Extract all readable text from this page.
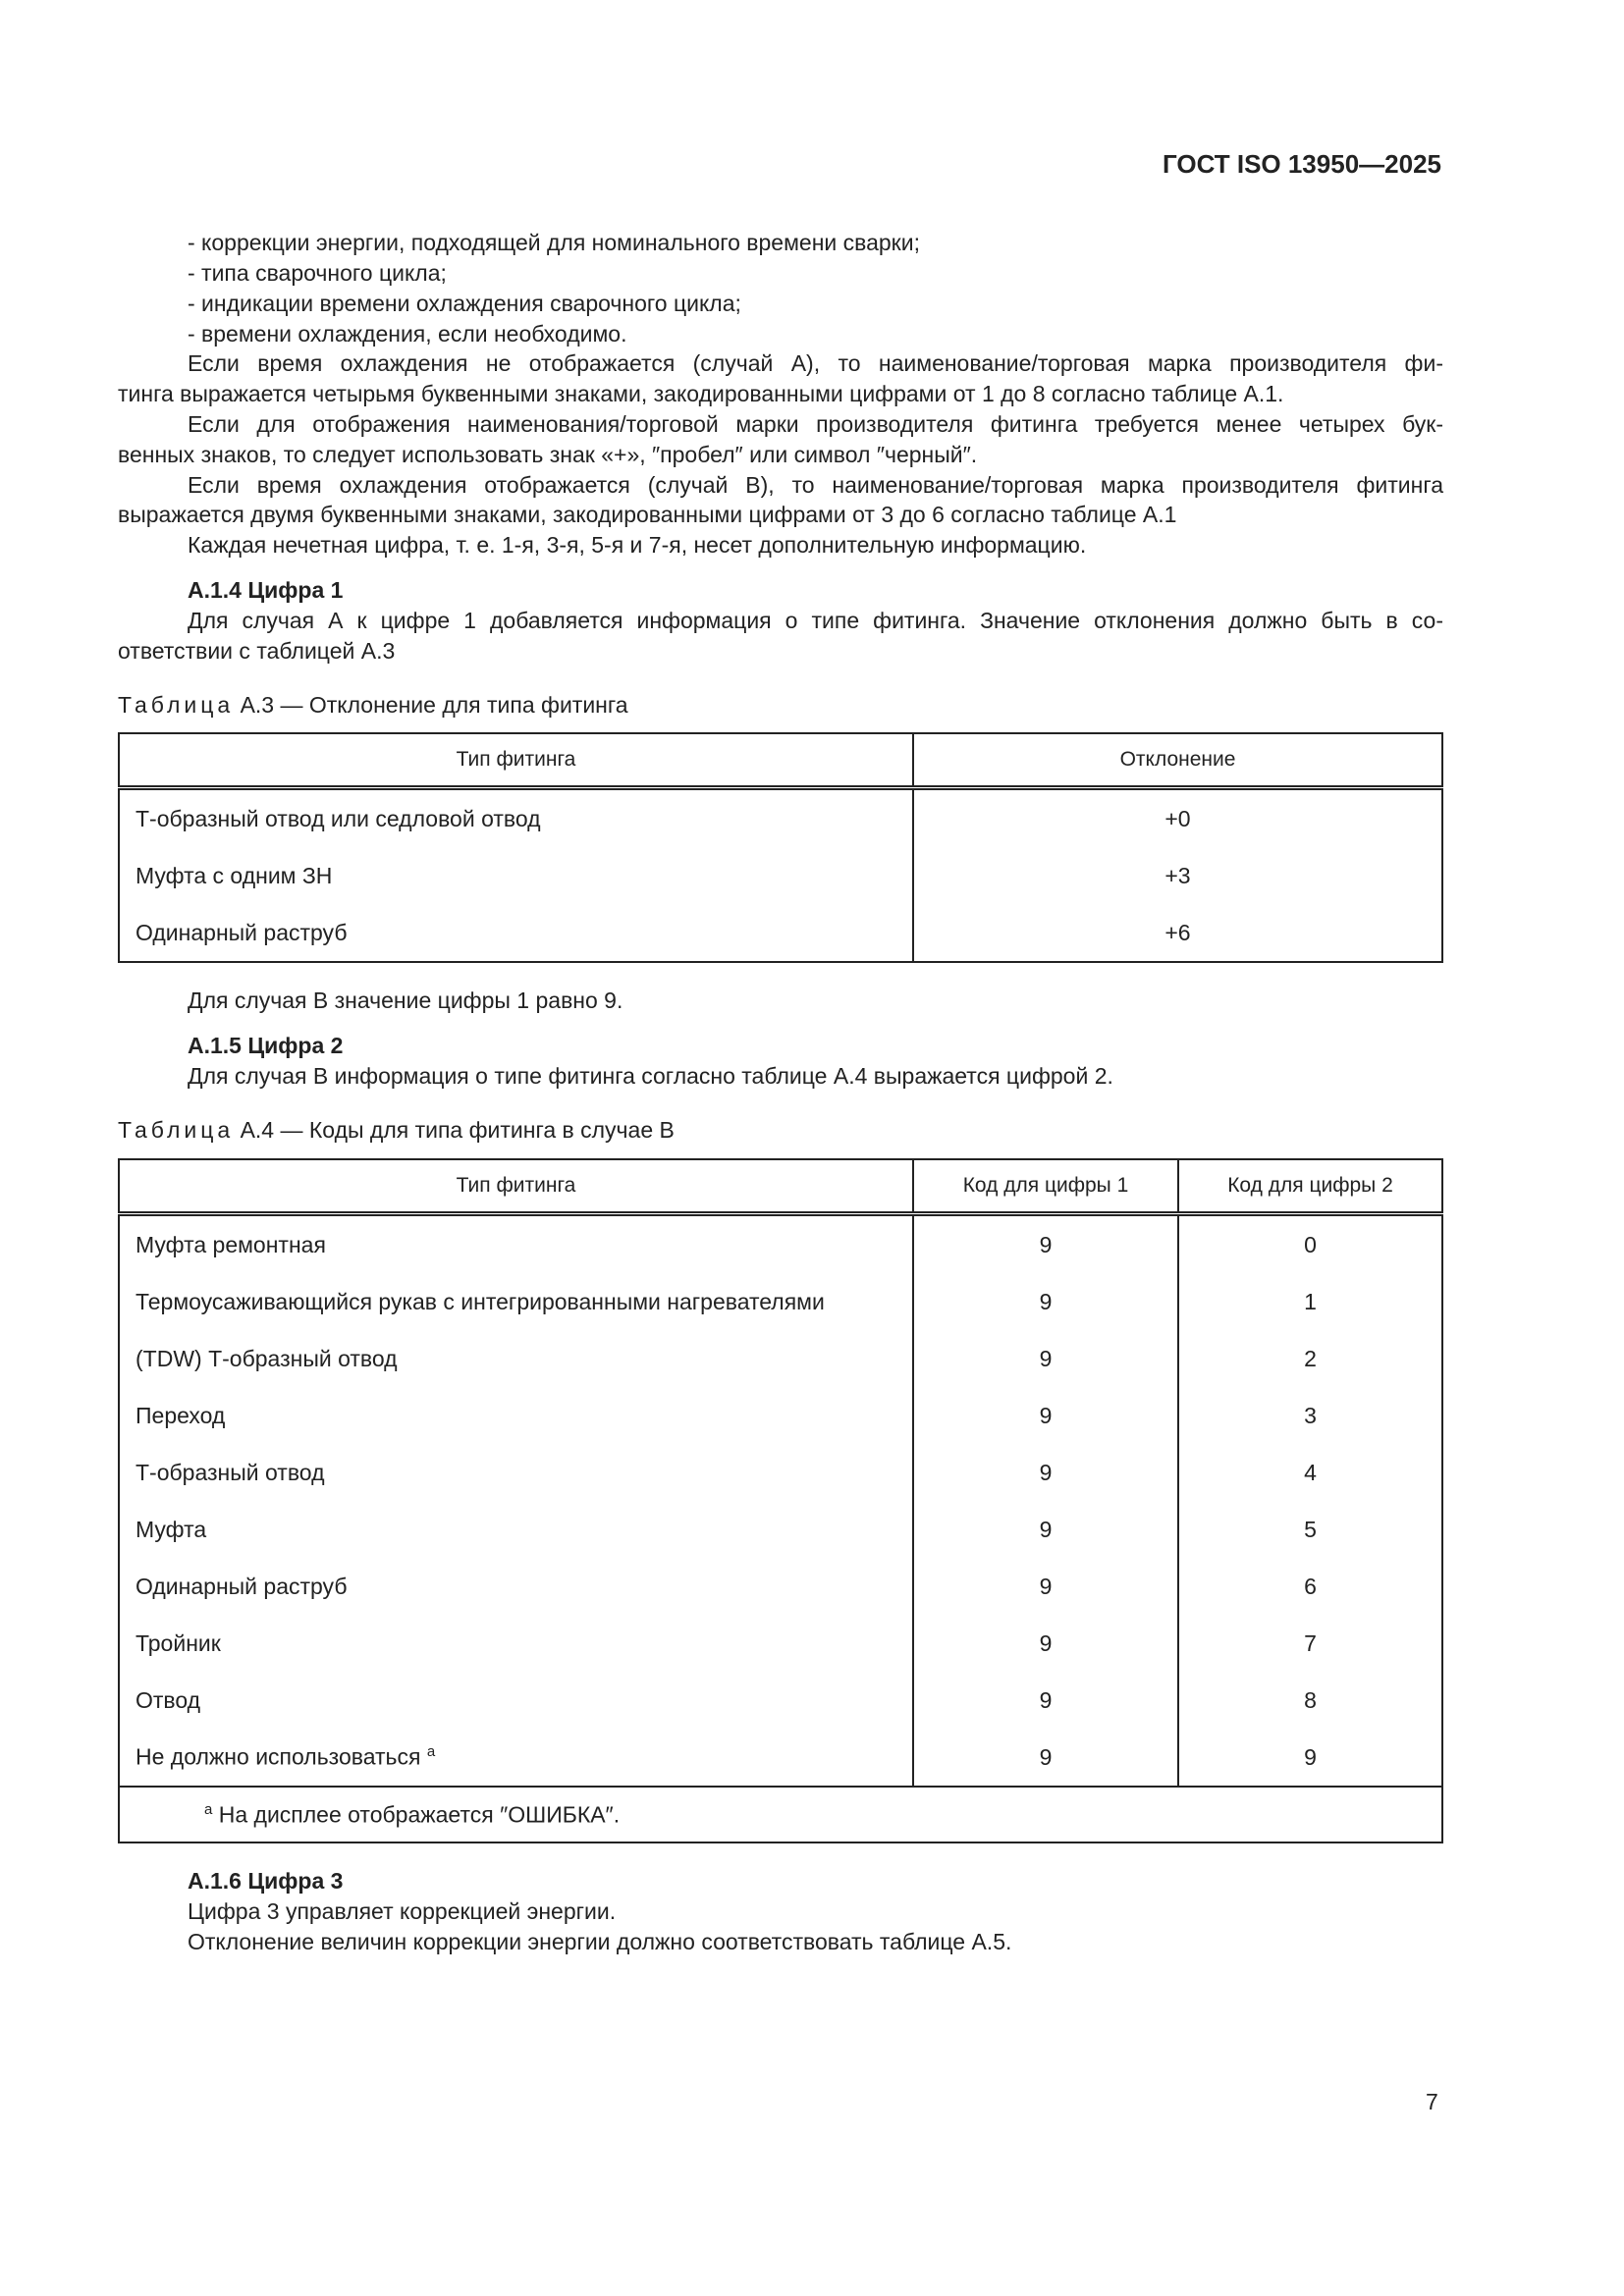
ГОСТ ISO 13950—2025
- коррекции энергии, подходящей для номинального времени сварки;
- типа сварочного цикла;
- индикации времени охлаждения сварочного цикла;
- времени охлаждения, если необходимо.
Если время охлаждения не отображается (случай А), то наименование/торговая марка производителя фи-
тинга выражается четырьмя буквенными знаками, закодированными цифрами от 1 до 8 согласно таблице А.1.
Если для отображения наименования/торговой марки производителя фитинга требуется менее четырех бук-
венных знаков, то следует использовать знак «+», ″пробел″ или символ ″черный″.
Если время охлаждения отображается (случай В), то наименование/торговая марка производителя фитинга
выражается двумя буквенными знаками, закодированными цифрами от 3 до 6 согласно таблице А.1
Каждая нечетная цифра, т. е. 1-я, 3-я, 5-я и 7-я, несет дополнительную информацию.
А.1.4 Цифра 1
Для случая А к цифре 1 добавляется информация о типе фитинга. Значение отклонения должно быть в со-
ответствии с таблицей А.3
Таблица А.3 — Отклонение для типа фитинга
Тип фитинга	Отклонение
Т-образный отвод или седловой отвод	+0
Муфта с одним ЗН	+3
Одинарный раструб	+6
Для случая В значение цифры 1 равно 9.
А.1.5 Цифра 2
Для случая В информация о типе фитинга согласно таблице А.4 выражается цифрой 2.
Таблица А.4 — Коды для типа фитинга в случае В
Тип фитинга	Код для цифры 1	Код для цифры 2
Муфта ремонтная	9	0
Термоусаживающийся рукав с интегрированными нагревателями	9	1
(TDW) Т-образный отвод	9	2
Переход	9	3
Т-образный отвод	9	4
Муфта	9	5
Одинарный раструб	9	6
Тройник	9	7
Отвод	9	8
Не должно использоваться $^a$	9	9
$^a$ На дисплее отображается ″ОШИБКА″.		
А.1.6 Цифра 3
Цифра 3 управляет коррекцией энергии.
Отклонение величин коррекции энергии должно соответствовать таблице А.5.
7
